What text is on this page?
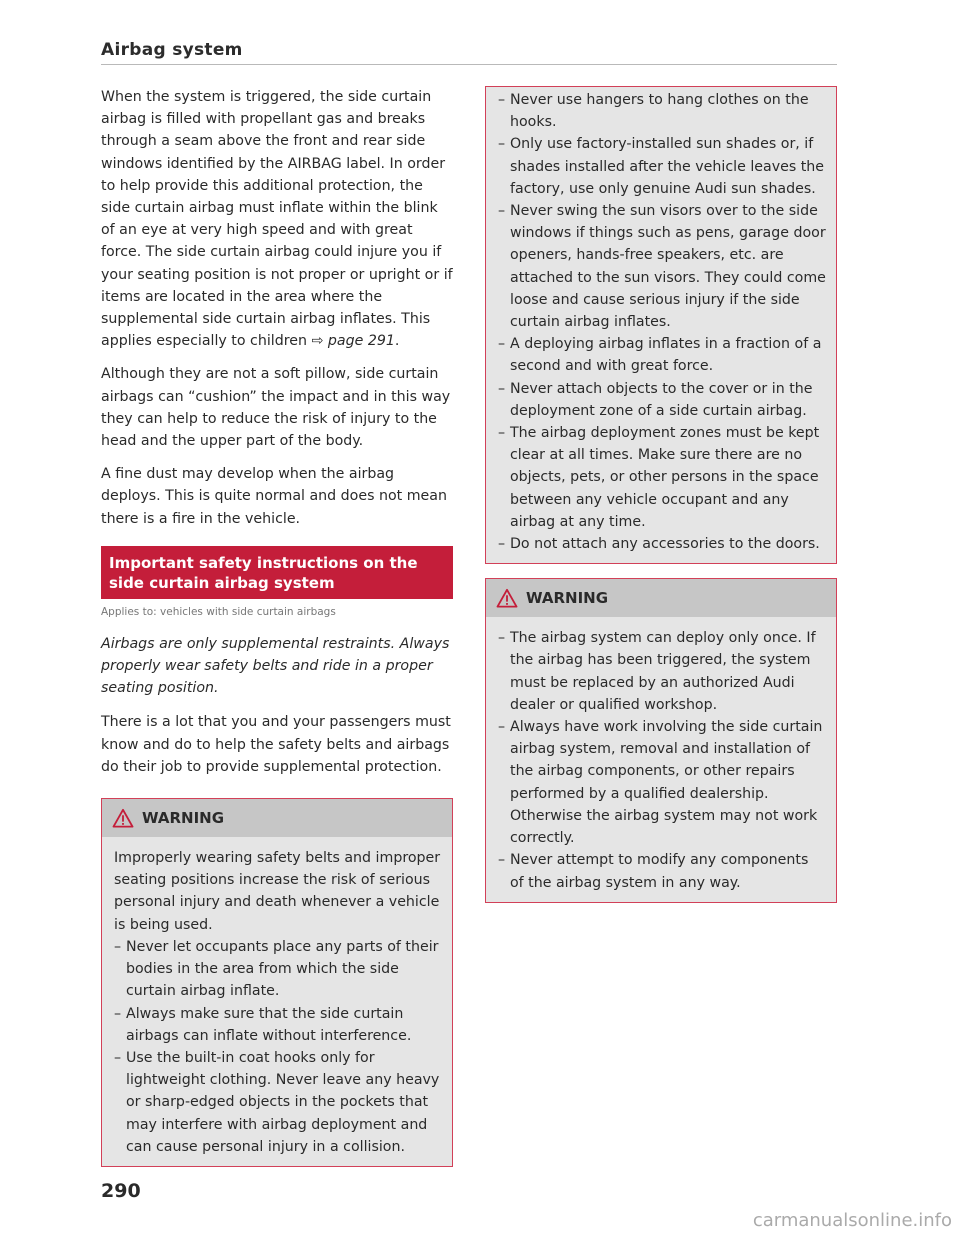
Airbag system

When the system is triggered, the side curtain airbag is filled with propellant gas and breaks through a seam above the front and rear side windows identified by the AIRBAG label. In order to help provide this additional protection, the side curtain airbag must inflate within the blink of an eye at very high speed and with great force. The side curtain airbag could injure you if your seating position is not proper or upright or if items are located in the area where the supplemental side curtain airbag inflates. This applies especially to children ⇨ page 291.

Although they are not a soft pillow, side curtain airbags can “cushion” the impact and in this way they can help to reduce the risk of injury to the head and the upper part of the body.

A fine dust may develop when the airbag deploys. This is quite normal and does not mean there is a fire in the vehicle.

Important safety instructions on the side curtain airbag system
Applies to: vehicles with side curtain airbags

Airbags are only supplemental restraints. Always properly wear safety belts and ride in a proper seating position.

There is a lot that you and your passengers must know and do to help the safety belts and airbags do their job to provide supplemental protection.

WARNING

Improperly wearing safety belts and improper seating positions increase the risk of serious personal injury and death whenever a vehicle is being used.

– Never let occupants place any parts of their bodies in the area from which the side curtain airbag inflate.
– Always make sure that the side curtain airbags can inflate without interference.
– Use the built-in coat hooks only for lightweight clothing. Never leave any heavy or sharp-edged objects in the pockets that may interfere with airbag deployment and can cause personal injury in a collision.
– Never use hangers to hang clothes on the hooks.
– Only use factory-installed sun shades or, if shades installed after the vehicle leaves the factory, use only genuine Audi sun shades.
– Never swing the sun visors over to the side windows if things such as pens, garage door openers, hands-free speakers, etc. are attached to the sun visors. They could come loose and cause serious injury if the side curtain airbag inflates.
– A deploying airbag inflates in a fraction of a second and with great force.
– Never attach objects to the cover or in the deployment zone of a side curtain airbag.
– The airbag deployment zones must be kept clear at all times. Make sure there are no objects, pets, or other persons in the space between any vehicle occupant and any airbag at any time.
– Do not attach any accessories to the doors.
WARNING
– The airbag system can deploy only once. If the airbag has been triggered, the system must be replaced by an authorized Audi dealer or qualified workshop.
– Always have work involving the side curtain airbag system, removal and installation of the airbag components, or other repairs performed by a qualified dealership. Otherwise the airbag system may not work correctly.
– Never attempt to modify any components of the airbag system in any way.
290
carmanualsonline.info
